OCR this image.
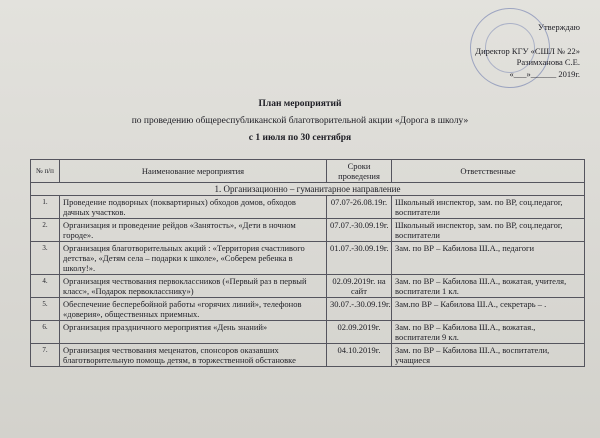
Утверждаю
Директор КГУ «СШЛ № 22»
Разимханова С.Е.
«___»______ 2019г.
План мероприятий
по проведению общереспубликанской благотворительной акции «Дорога в школу»
с 1 июля по 30 сентября
№ п/п	Наименование мероприятия	Сроки проведения	Ответственные
1. Организационно – гуманитарное направление			
1.	Проведение подворных (поквартирных) обходов домов, обходов дачных участков.	07.07-26.08.19г.	Школьный инспектор, зам. по ВР, соц.педагог, воспитатели
2.	Организация и проведение рейдов «Занятость», «Дети в ночном городе».	07.07.-30.09.19г.	Школьный инспектор, зам. по ВР, соц.педагог, воспитатели
3.	Организация благотворительных акций : «Территория счастливого детства», «Детям села – подарки к школе», «Соберем ребенка в школу!».	01.07.-30.09.19г.	Зам. по ВР – Кабилова Ш.А., педагоги
4.	Организация чествования первоклассников («Первый раз в первый класс», «Подарок первокласснику»)	02.09.2019г. на сайт	Зам. по ВР – Кабилова Ш.А., вожатая, учителя, воспитатели 1 кл.
5.	Обеспечение бесперебойной работы «горячих линий», телефонов «доверия», общественных приемных.	30.07.-.30.09.19г.	Зам.по ВР – Кабилова Ш.А., секретарь – .
6.	Организация праздничного мероприятия «День знаний»	02.09.2019г.	Зам. по ВР – Кабилова Ш.А., вожатая., воспитатели 9 кл.
7.	Организация чествования меценатов, спонсоров оказавших благотворительную помощь детям, в торжественной обстановке	04.10.2019г.	Зам. по ВР – Кабилова Ш.А., воспитатели, учащиеся
